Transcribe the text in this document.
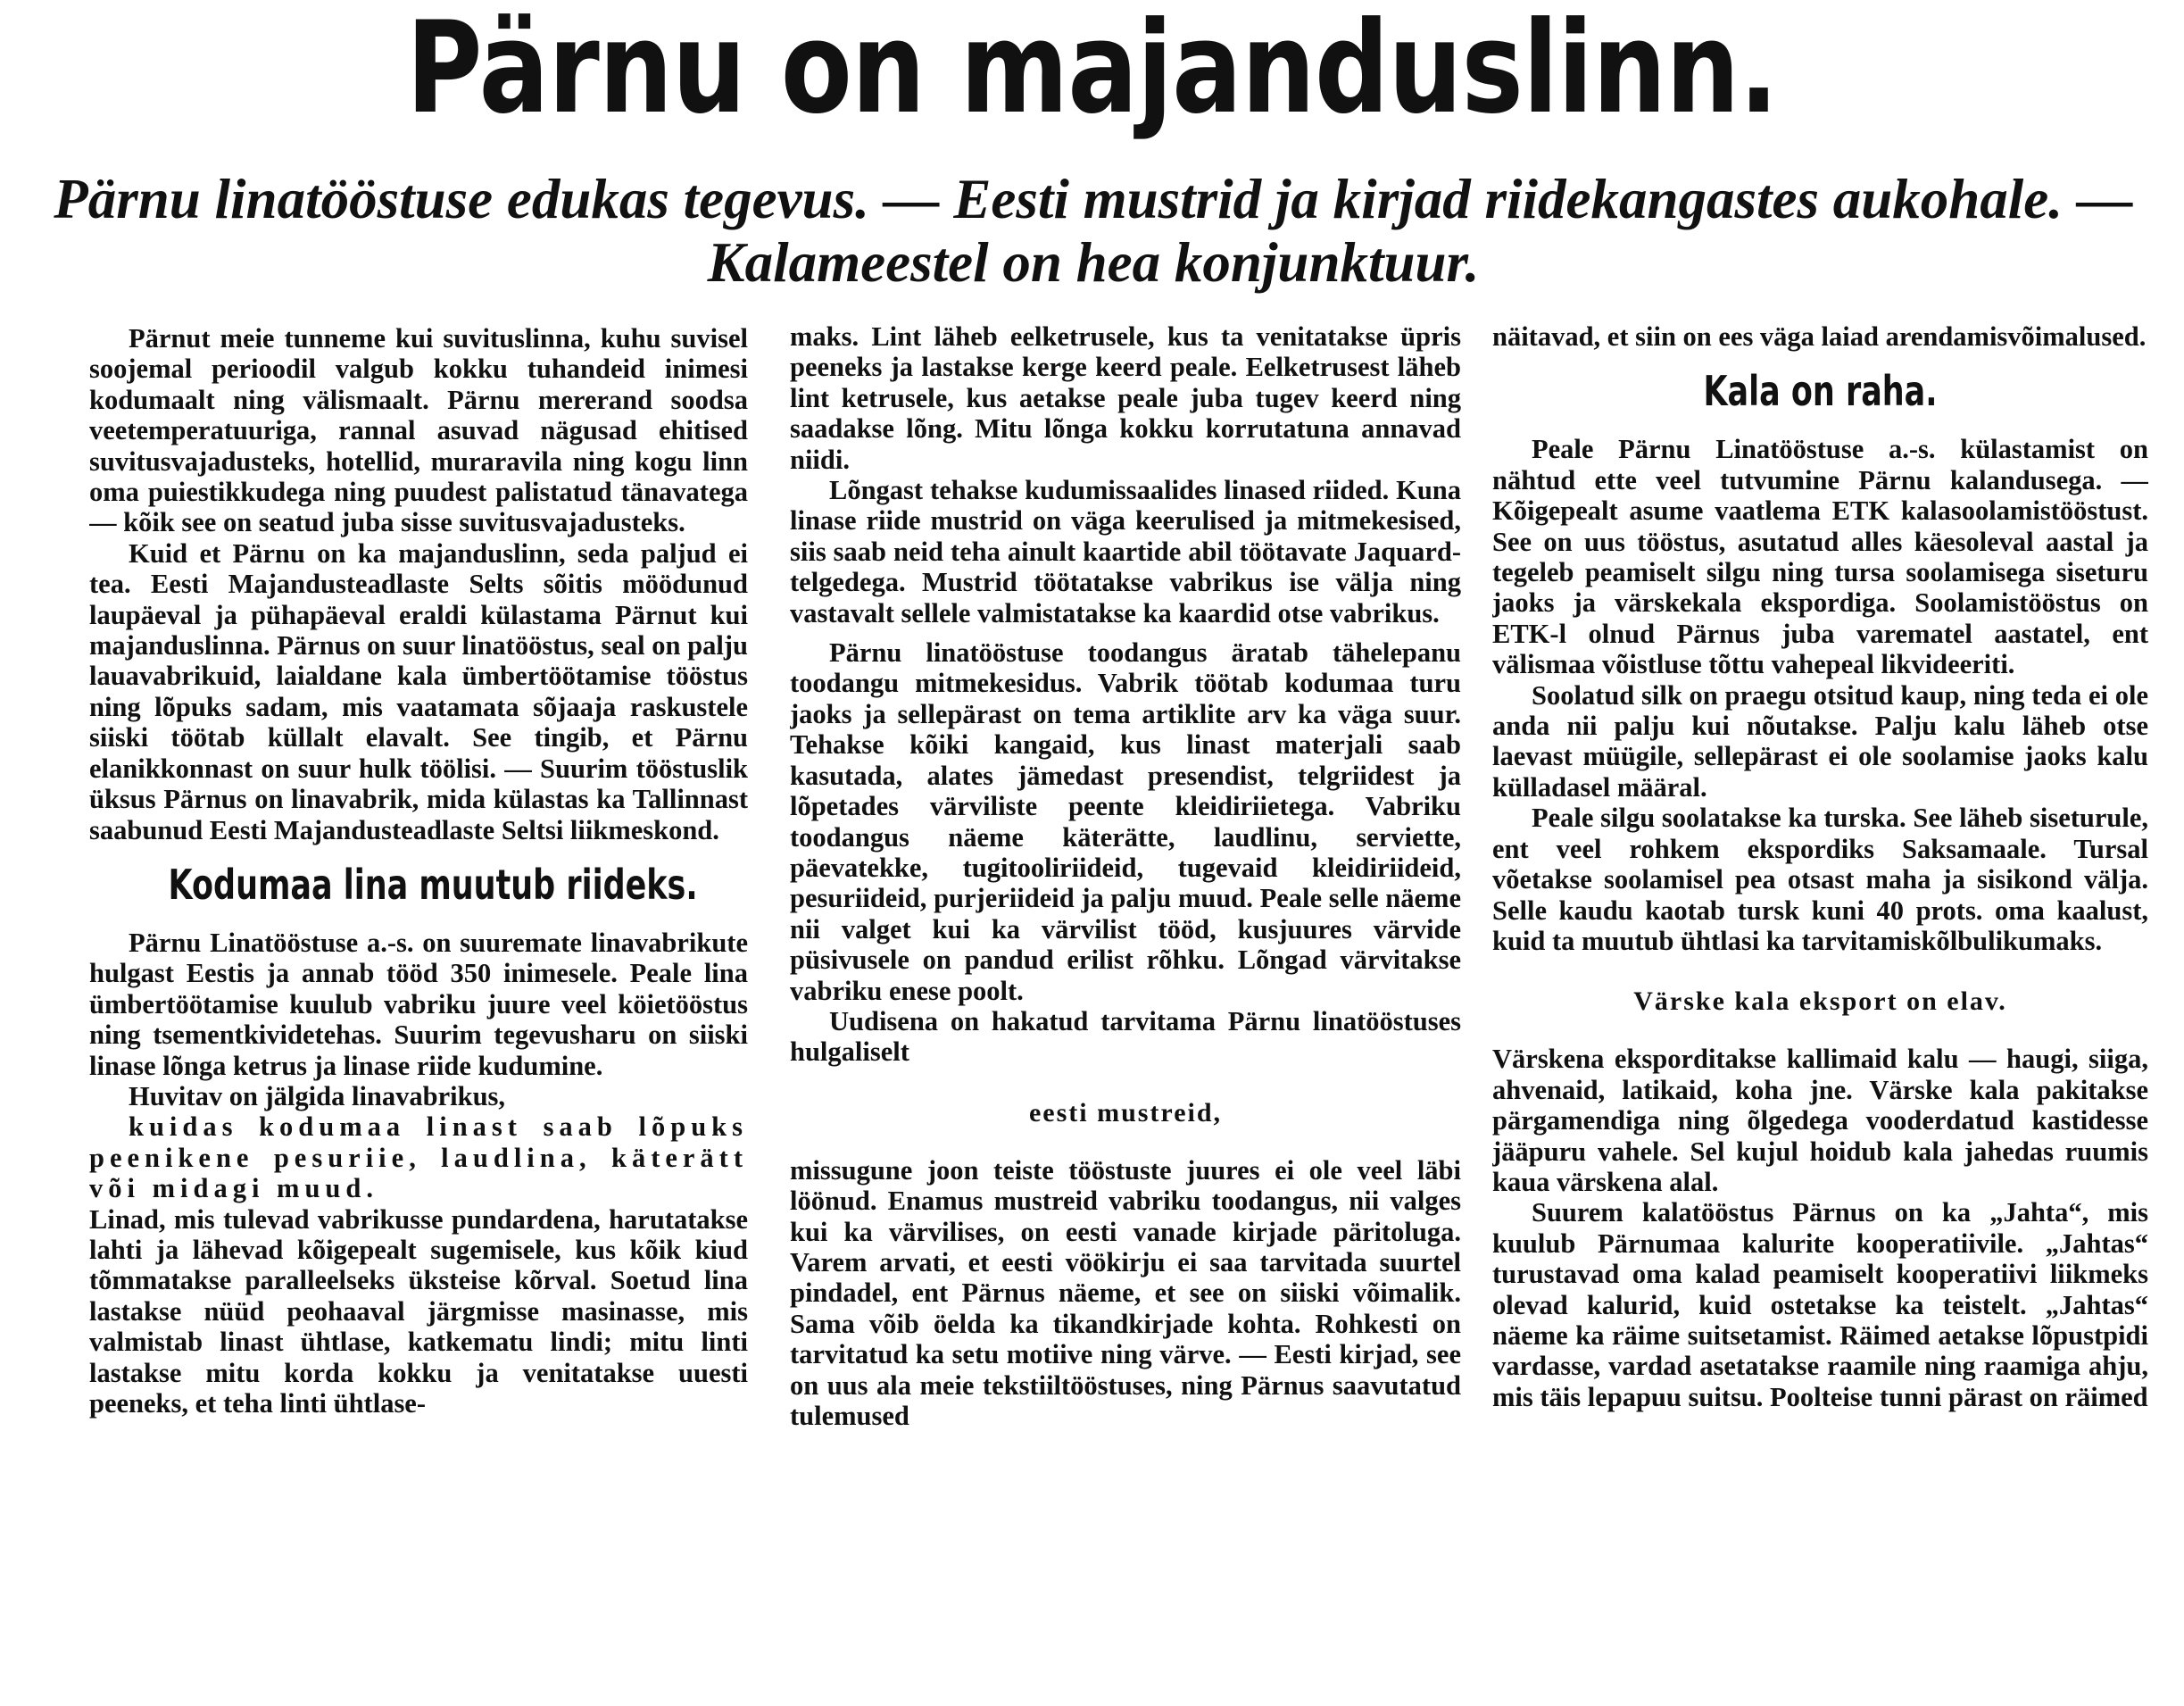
Pärnu on majanduslinn.
Pärnu linatööstuse edukas tegevus. — Eesti mustrid ja kirjad riidekangastes aukohale. — Kalameestel on hea konjunktuur.

Pärnut meie tunneme kui suvituslinna, kuhu suvisel soojemal perioodil valgub kokku tuhandeid inimesi kodumaalt ning välismaalt. Pärnu mererand soodsa veetemperatuuriga, rannal asuvad nägusad ehitised suvitusvajadusteks, hotellid, muraravila ning kogu linn oma puiestikkudega ning puudest palistatud tänavatega — kõik see on seatud juba sisse suvitusvajadusteks.

Kuid et Pärnu on ka majanduslinn, seda paljud ei tea. Eesti Majandusteadlaste Selts sõitis möödunud laupäeval ja pühapäeval eraldi külastama Pärnut kui majanduslinna. Pärnus on suur linatööstus, seal on palju lauavabrikuid, laialdane kala ümbertöötamise tööstus ning lõpuks sadam, mis vaatamata sõjaaja raskustele siiski töötab küllalt elavalt. See tingib, et Pärnu elanikkonnast on suur hulk töölisi. — Suurim tööstuslik üksus Pärnus on linavabrik, mida külastas ka Tallinnast saabunud Eesti Majandusteadlaste Seltsi liikmeskond.

Kodumaa lina muutub riideks.

Pärnu Linatööstuse a.-s. on suuremate linavabrikute hulgast Eestis ja annab tööd 350 inimesele. Peale lina ümbertöötamise kuulub vabriku juure veel köietööstus ning tsementkividetehas. Suurim tegevusharu on siiski linase lõnga ketrus ja linase riide kudumine.

Huvitav on jälgida linavabrikus,

kuidas kodumaa linast saab lõpuks peenikene pesuriie, laudlina, käterätt või midagi muud.

Linad, mis tulevad vabrikusse pundardena, harutatakse lahti ja lähevad kõigepealt sugemisele, kus kõik kiud tõmmatakse paralleelseks üksteise kõrval. Soetud lina lastakse nüüd peohaaval järgmisse masinasse, mis valmistab linast ühtlase, katkematu lindi; mitu linti lastakse mitu korda kokku ja venitatakse uuesti peeneks, et teha linti ühtlase-

maks. Lint läheb eelketrusele, kus ta venitatakse üpris peeneks ja lastakse kerge keerd peale. Eelketrusest läheb lint ketrusele, kus aetakse peale juba tugev keerd ning saadakse lõng. Mitu lõnga kokku korrutatuna annavad niidi.

Lõngast tehakse kudumissaalides linased riided. Kuna linase riide mustrid on väga keerulised ja mitmekesised, siis saab neid teha ainult kaartide abil töötavate Jaquard-telgedega. Mustrid töötatakse vabrikus ise välja ning vastavalt sellele valmistatakse ka kaardid otse vabrikus.

Pärnu linatööstuse toodangus äratab tähelepanu toodangu mitmekesidus. Vabrik töötab kodumaa turu jaoks ja sellepärast on tema artiklite arv ka väga suur. Tehakse kõiki kangaid, kus linast materjali saab kasutada, alates jämedast presendist, telgriidest ja lõpetades värviliste peente kleidiriietega. Vabriku toodangus näeme käterätte, laudlinu, serviette, päevatekke, tugitooliriideid, tugevaid kleidiriideid, pesuriideid, purjeriideid ja palju muud. Peale selle näeme nii valget kui ka värvilist tööd, kusjuures värvide püsivusele on pandud erilist rõhku. Lõngad värvitakse vabriku enese poolt.

Uudisena on hakatud tarvitama Pärnu linatööstuses hulgaliselt

eesti mustreid,

missugune joon teiste tööstuste juures ei ole veel läbi löönud. Enamus mustreid vabriku toodangus, nii valges kui ka värvilises, on eesti vanade kirjade päritoluga. Varem arvati, et eesti vöökirju ei saa tarvitada suurtel pindadel, ent Pärnus näeme, et see on siiski võimalik. Sama võib öelda ka tikandkirjade kohta. Rohkesti on tarvitatud ka setu motiive ning värve. — Eesti kirjad, see on uus ala meie tekstiiltööstuses, ning Pärnus saavutatud tulemused

näitavad, et siin on ees väga laiad arendamisvõimalused.

Kala on raha.

Peale Pärnu Linatööstuse a.-s. külastamist on nähtud ette veel tutvumine Pärnu kalandusega. — Kõigepealt asume vaatlema ETK kalasoolamistööstust. See on uus tööstus, asutatud alles käesoleval aastal ja tegeleb peamiselt silgu ning tursa soolamisega siseturu jaoks ja värskekala ekspordiga. Soolamistööstus on ETK-l olnud Pärnus juba varematel aastatel, ent välismaa võistluse tõttu vahepeal likvideeriti.

Soolatud silk on praegu otsitud kaup, ning teda ei ole anda nii palju kui nõutakse. Palju kalu läheb otse laevast müügile, sellepärast ei ole soolamise jaoks kalu külladasel määral.

Peale silgu soolatakse ka turska. See läheb siseturule, ent veel rohkem ekspordiks Saksamaale. Tursal võetakse soolamisel pea otsast maha ja sisikond välja. Selle kaudu kaotab tursk kuni 40 prots. oma kaalust, kuid ta muutub ühtlasi ka tarvitamiskõlbulikumaks.

Värske kala eksport on elav.

Värskena eksporditakse kallimaid kalu — haugi, siiga, ahvenaid, latikaid, koha jne. Värske kala pakitakse pärgamendiga ning õlgedega vooderdatud kastidesse jääpuru vahele. Sel kujul hoidub kala jahedas ruumis kaua värskena alal.

Suurem kalatööstus Pärnus on ka „Jahta“, mis kuulub Pärnumaa kalurite kooperatiivile. „Jahtas“ turustavad oma kalad peamiselt kooperatiivi liikmeks olevad kalurid, kuid ostetakse ka teistelt. „Jahtas“ näeme ka räime suitsetamist. Räimed aetakse lõpustpidi vardasse, vardad asetatakse raamile ning raamiga ahju, mis täis lepapuu suitsu. Poolteise tunni pärast on räimed
